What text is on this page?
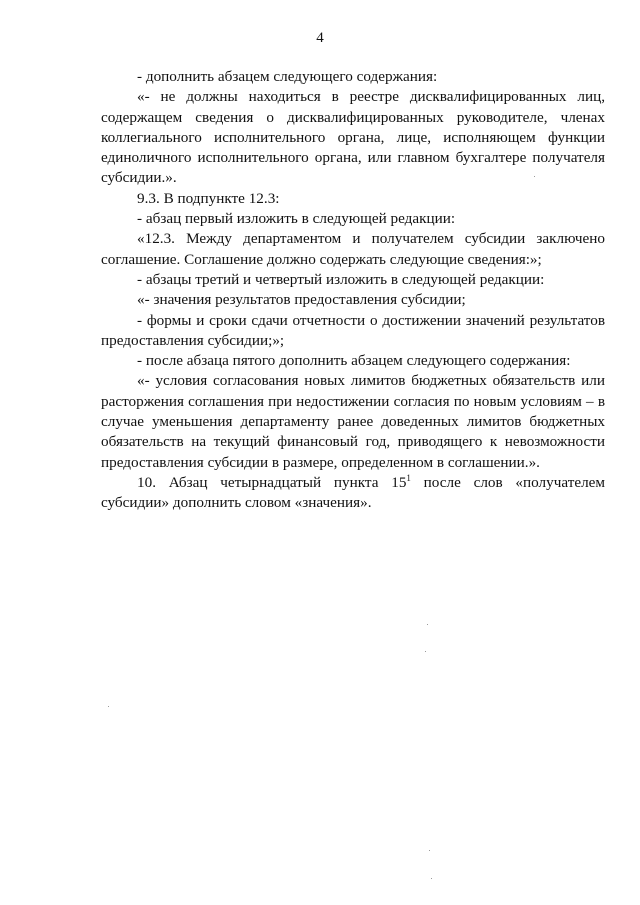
4

- дополнить абзацем следующего содержания:

«- не должны находиться в реестре дисквалифицированных лиц, содержащем сведения о дисквалифицированных руководителе, членах коллегиального исполнительного органа, лице, исполняющем функции единоличного исполнительного органа, или главном бухгалтере получателя субсидии.».

9.3. В подпункте 12.3:

- абзац первый изложить в следующей редакции:

«12.3. Между департаментом и получателем субсидии заключено соглашение. Соглашение должно содержать следующие сведения:»;

- абзацы третий и четвертый изложить в следующей редакции:

«- значения результатов предоставления субсидии;

- формы и сроки сдачи отчетности о достижении значений результатов предоставления субсидии;»;

- после абзаца пятого дополнить абзацем следующего содержания:

«- условия согласования новых лимитов бюджетных обязательств или расторжения соглашения при недостижении согласия по новым условиям – в случае уменьшения департаменту ранее доведенных лимитов бюджетных обязательств на текущий финансовый год, приводящего к невозможности предоставления субсидии в размере, определенном в соглашении.».

10. Абзац четырнадцатый пункта $15^1$ после слов «получателем субсидии» дополнить словом «значения».
